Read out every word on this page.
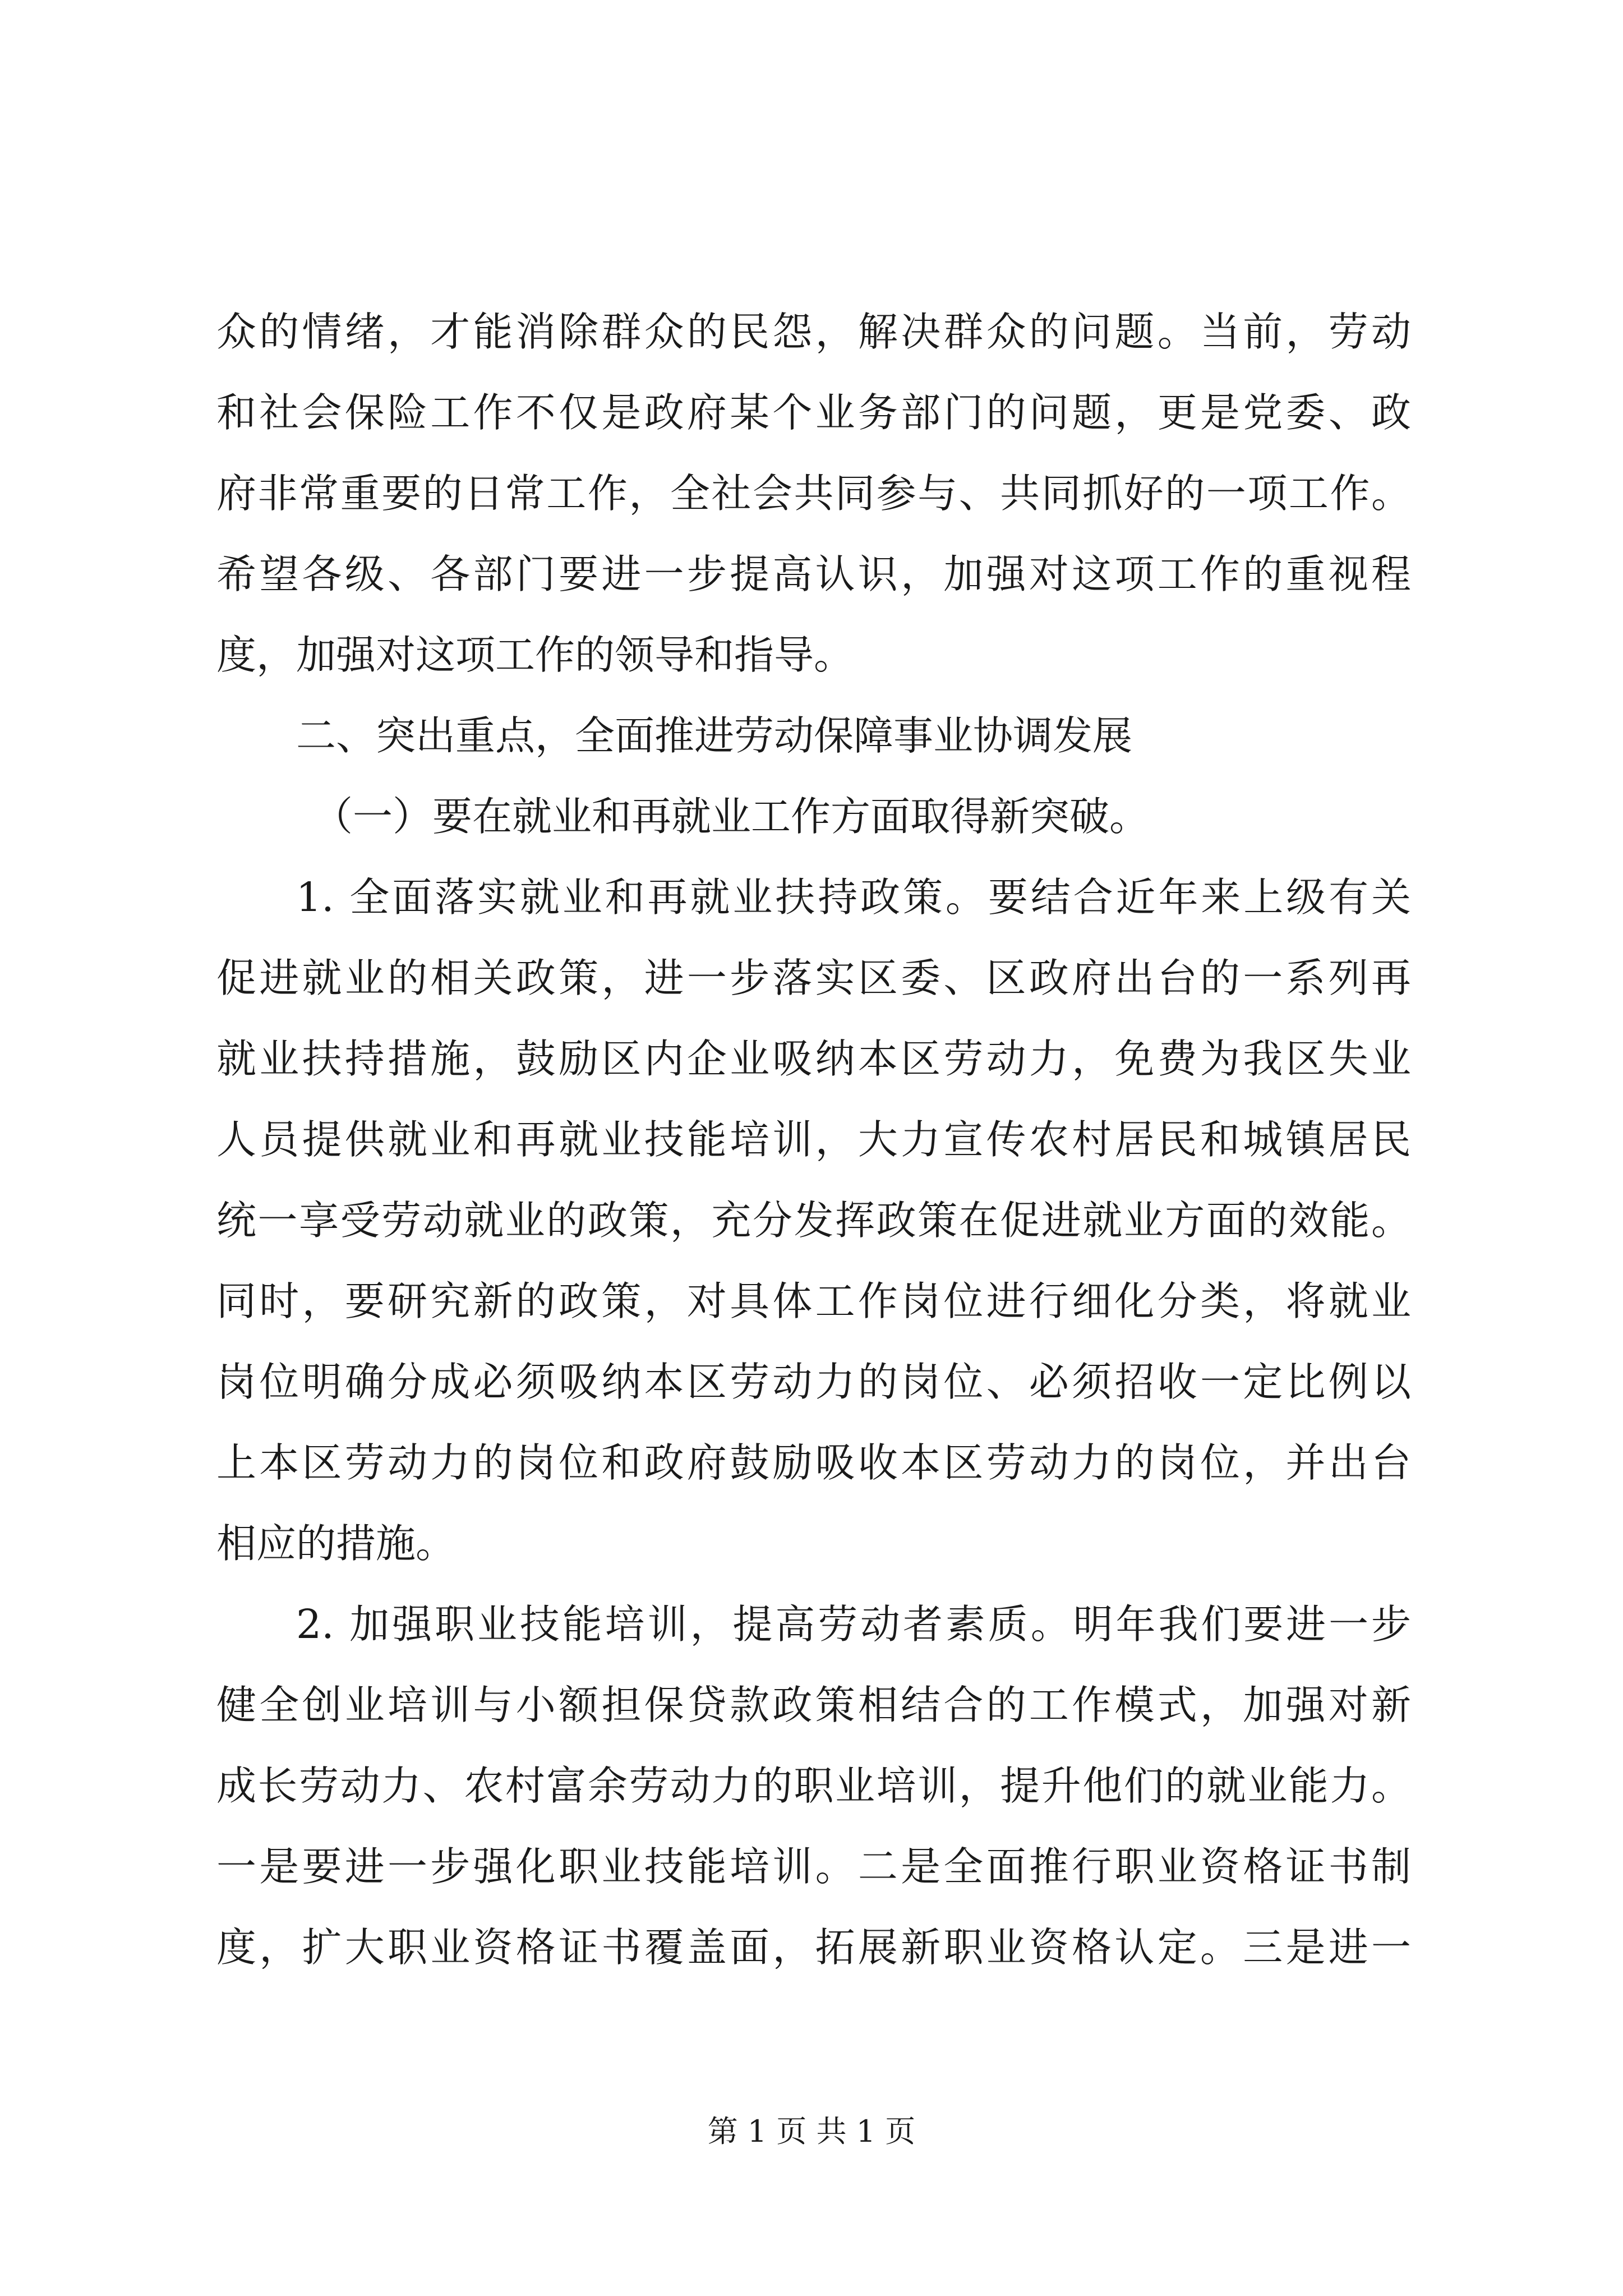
众的情绪，才能消除群众的民怨，解决群众的问题。当前，劳动
和社会保险工作不仅是政府某个业务部门的问题，更是党委、政
府非常重要的日常工作，全社会共同参与、共同抓好的一项工作。
希望各级、各部门要进一步提高认识，加强对这项工作的重视程
度，加强对这项工作的领导和指导。
二、突出重点，全面推进劳动保障事业协调发展
（一）要在就业和再就业工作方面取得新突破。
1. 全面落实就业和再就业扶持政策。要结合近年来上级有关
促进就业的相关政策，进一步落实区委、区政府出台的一系列再
就业扶持措施，鼓励区内企业吸纳本区劳动力，免费为我区失业
人员提供就业和再就业技能培训，大力宣传农村居民和城镇居民
统一享受劳动就业的政策，充分发挥政策在促进就业方面的效能。
同时，要研究新的政策，对具体工作岗位进行细化分类，将就业
岗位明确分成必须吸纳本区劳动力的岗位、必须招收一定比例以
上本区劳动力的岗位和政府鼓励吸收本区劳动力的岗位，并出台
相应的措施。
2. 加强职业技能培训，提高劳动者素质。明年我们要进一步
健全创业培训与小额担保贷款政策相结合的工作模式，加强对新
成长劳动力、农村富余劳动力的职业培训，提升他们的就业能力。
一是要进一步强化职业技能培训。二是全面推行职业资格证书制
度，扩大职业资格证书覆盖面，拓展新职业资格认定。三是进一
第 1 页 共 1 页
